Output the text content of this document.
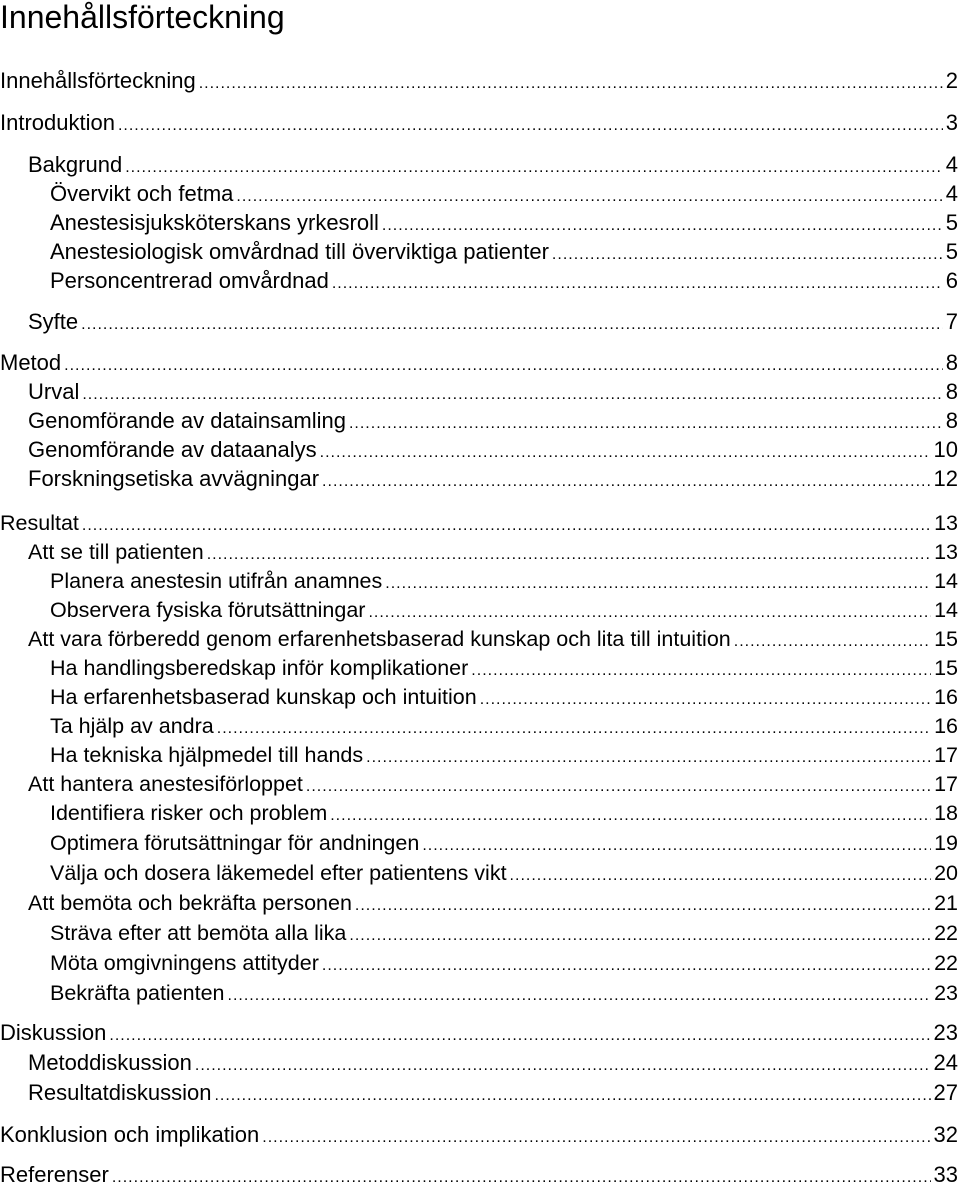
Innehållsförteckning
Innehållsförteckning .....	2
Introduktion .....	3
Bakgrund .....	4
Övervikt och fetma .....	4
Anestesisjuksköterskans yrkesroll .....	5
Anestesiologisk omvårdnad till överviktiga patienter .....	5
Personcentrerad omvårdnad .....	6
Syfte .....	7
Metod .....	8
Urval .....	8
Genomförande av datainsamling .....	8
Genomförande av dataanalys .....	10
Forskningsetiska avvägningar .....	12
Resultat .....	13
Att se till patienten .....	13
Planera anestesin utifrån anamnes .....	14
Observera fysiska förutsättningar .....	14
Att vara förberedd genom erfarenhetsbaserad kunskap och lita till intuition .....	15
Ha handlingsberedskap inför komplikationer .....	15
Ha erfarenhetsbaserad kunskap och intuition .....	16
Ta hjälp av andra .....	16
Ha tekniska hjälpmedel till hands .....	17
Att hantera anestesiförloppet .....	17
Identifiera risker och problem .....	18
Optimera förutsättningar för andningen .....	19
Välja och dosera läkemedel efter patientens vikt .....	20
Att bemöta och bekräfta personen .....	21
Sträva efter att bemöta alla lika .....	22
Möta omgivningens attityder .....	22
Bekräfta patienten .....	23
Diskussion .....	23
Metoddiskussion .....	24
Resultatdiskussion .....	27
Konklusion och implikation .....	32
Referenser .....	33
